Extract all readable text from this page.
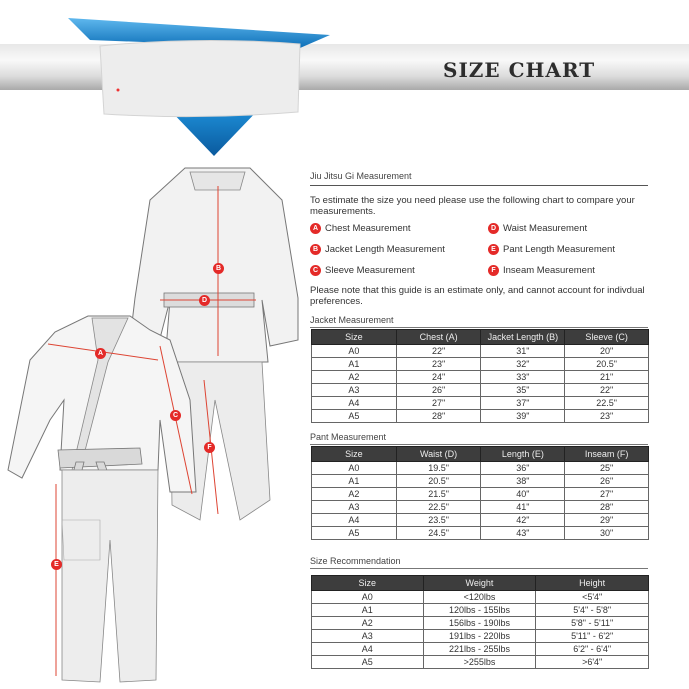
SIZE CHART
A
B
C
D
E
F
Jiu Jitsu Gi Measurement
To estimate the size you need please use the following chart to compare your measurements.
A Chest Measurement
B Jacket Length Measurement
C Sleeve Measurement
D Waist Measurement
E Pant Length Measurement
F Inseam Measurement
Please note that this guide is an estimate only, and cannot account for indivdual preferences.
Jacket Measurement
Size	Chest (A)	Jacket Length (B)	Sleeve (C)
A0	22"	31"	20"
A1	23"	32"	20.5"
A2	24"	33"	21"
A3	26"	35"	22"
A4	27"	37"	22.5"
A5	28"	39"	23"
Pant Measurement
Size	Waist (D)	Length (E)	Inseam (F)
A0	19.5"	36"	25"
A1	20.5"	38"	26"
A2	21.5"	40"	27"
A3	22.5"	41"	28"
A4	23.5"	42"	29"
A5	24.5"	43"	30"
Size Recommendation
Size	Weight	Height
A0	<120lbs	<5'4"
A1	120lbs - 155lbs	5'4" - 5'8"
A2	156lbs - 190lbs	5'8" - 5'11"
A3	191lbs - 220lbs	5'11" - 6'2"
A4	221lbs - 255lbs	6'2" - 6'4"
A5	>255lbs	>6'4"
